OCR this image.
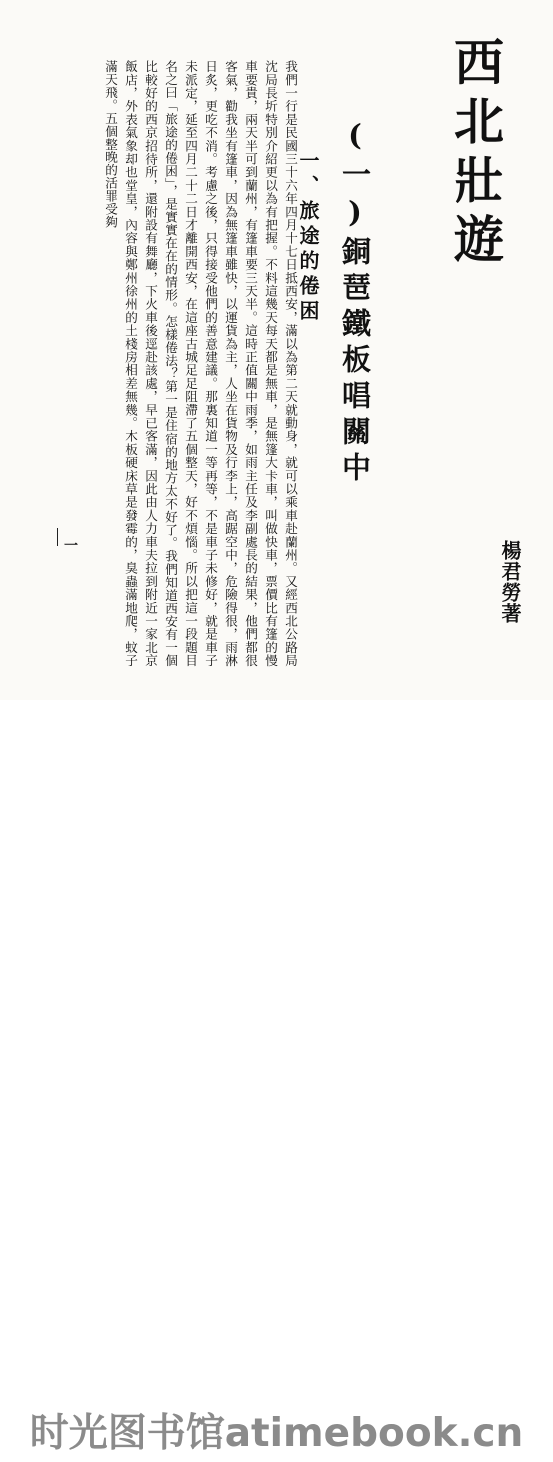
西北壯遊
楊君勞著
(一)銅琶鐵板唱關中
一、旅途的倦困
我們一行是民國三十六年四月十七日抵西安，滿以為第二天就動身，就可以乘車赴蘭州。又經西北公路局沈局長圻特別介紹更以為有把握。不料這幾天每天都是無車，是無篷大卡車，叫做快車，票價比有篷的慢車要貴，兩天半可到蘭州，有篷車要三天半。這時正值關中雨季，如雨主任及李副處長的結果，他們都很客氣，勸我坐有篷車，因為無篷車雖快，以運貨為主，人坐在貨物及行李上，高踞空中，危險得很，雨淋日炙，更吃不消。考慮之後，只得接受他們的善意建議。那裏知道一等再等，不是車子未修好，就是車子未派定，延至四月二十二日才離開西安，在這座古城足足阻滯了五個整天，好不煩惱。所以把這一段題目名之曰「旅途的倦困」，是實實在在的情形。怎樣倦法？第一是住宿的地方太不好了。我們知道西安有一個比較好的西京招待所，還附設有舞廳，下火車後逕赴該處，早已客滿，因此由人力車夫拉到附近一家北京飯店，外表氣象却也堂皇，內容與鄭州徐州的土棧房相差無幾。木板硬床草是發霉的，臭蟲滿地爬，蚊子滿天飛。五個整晚的活罪受夠
一
时光图书馆atimebook.cn
